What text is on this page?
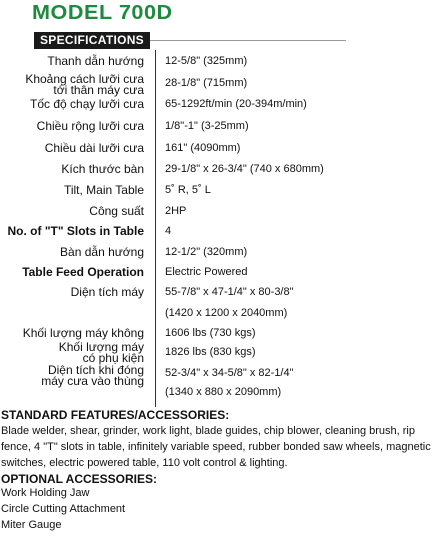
MODEL 700D
SPECIFICATIONS
Thanh dẫn hướng 12-5/8" (325mm)
Khoảng cách lưỡi cưa
tới thân máy cưa 28-1/8" (715mm)
Tốc độ chạy lưỡi cưa 65-1292ft/min (20-394m/min)
Chiều rộng lưỡi cưa 1/8"-1" (3-25mm)
Chiều dài lưỡi cưa 161" (4090mm)
Kích thước bàn 29-1/8" x 26-3/4" (740 x 680mm)
Tilt, Main Table 5˚ R, 5˚ L
Công suất 2HP
No. of "T" Slots in Table 4
Bàn dẫn hướng 12-1/2" (320mm)
Table Feed Operation Electric Powered
Diện tích máy 55-7/8" x 47-1/4" x 80-3/8"
(1420 x 1200 x 2040mm)
Khối lượng máy không 1606 lbs (730 kgs)
Khối lượng máy
có phụ kiện 1826 lbs (830 kgs)
Diện tích khi đóng
máy cưa vào thùng
52-3/4" x 34-5/8" x 82-1/4"
(1340 x 880 x 2090mm)
STANDARD FEATURES/ACCESSORIES:

Blade welder, shear, grinder, work light, blade guides, chip blower, cleaning brush, rip fence, 4 "T" slots in table, infinitely variable speed, rubber bonded saw wheels, magnetic switches, electric powered table, 110 volt control & lighting.

OPTIONAL ACCESSORIES:
Work Holding Jaw
Circle Cutting Attachment
Miter Gauge
